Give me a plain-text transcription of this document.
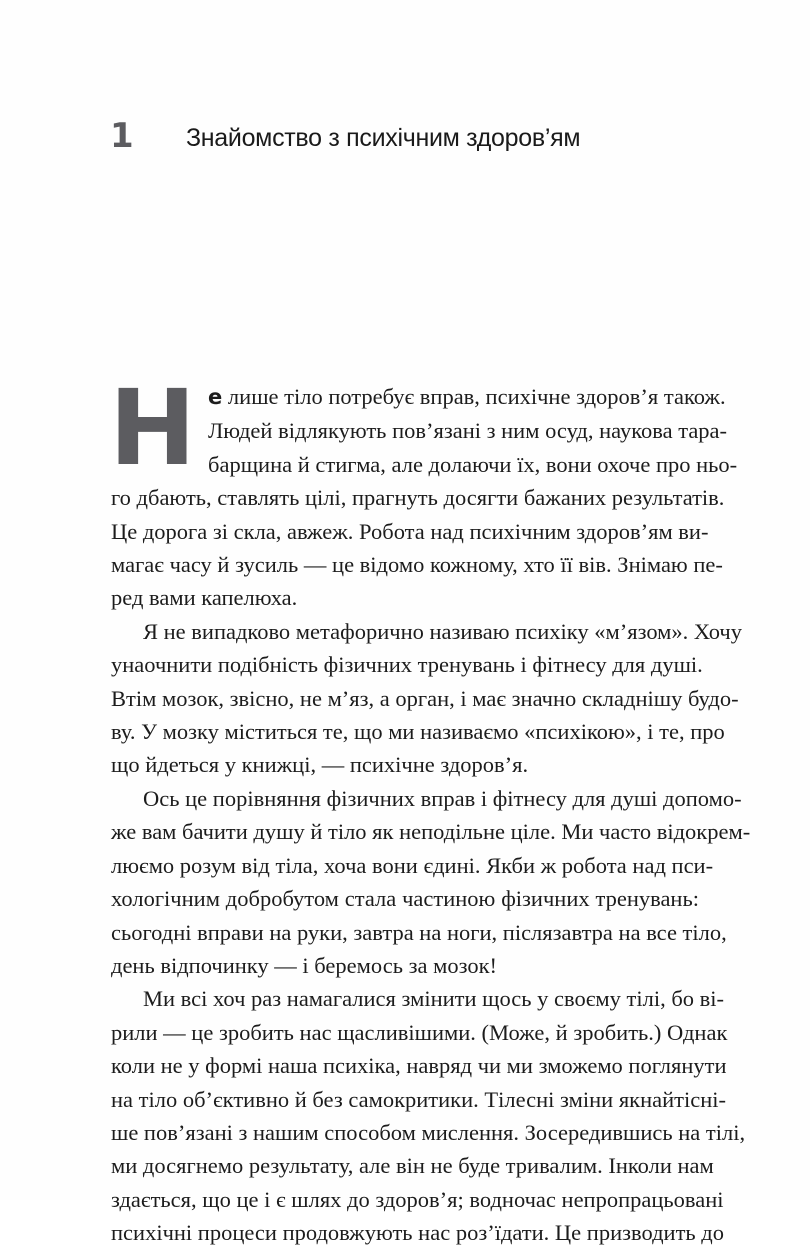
1 Знайомство з психічним здоров’ям
Н е лише тіло потребує вправ, психічне здоров’я також.
Людей відлякують пов’язані з ним осуд, наукова тара-
барщина й стигма, але долаючи їх, вони охоче про ньо-
го дбають, ставлять цілі, прагнуть досягти бажаних результатів.
Це дорога зі скла, авжеж. Робота над психічним здоров’ям ви-
магає часу й зусиль — це відомо кожному, хто її вів. Знімаю пе-
ред вами капелюха.
Я не випадково метафорично називаю психіку «м’язом». Хочу
унаочнити подібність фізичних тренувань і фітнесу для душі.
Втім мозок, звісно, не м’яз, а орган, і має значно складнішу будо-
ву. У мозку міститься те, що ми називаємо «психікою», і те, про
що йдеться у книжці, — психічне здоров’я.
Ось це порівняння фізичних вправ і фітнесу для душі допомо-
же вам бачити душу й тіло як неподільне ціле. Ми часто відокрем-
люємо розум від тіла, хоча вони єдині. Якби ж робота над пси-
хологічним добробутом стала частиною фізичних тренувань:
сьогодні вправи на руки, завтра на ноги, післязавтра на все тіло,
день відпочинку — і беремось за мозок!
Ми всі хоч раз намагалися змінити щось у своєму тілі, бо ві-
рили — це зробить нас щасливішими. (Може, й зробить.) Однак
коли не у формі наша психіка, навряд чи ми зможемо поглянути
на тіло об’єктивно й без самокритики. Тілесні зміни якнайтісні-
ше пов’язані з нашим способом мислення. Зосередившись на тілі,
ми досягнемо результату, але він не буде тривалим. Інколи нам
здається, що це і є шлях до здоров’я; водночас непропрацьовані
психічні процеси продовжують нас роз’їдати. Це призводить до
